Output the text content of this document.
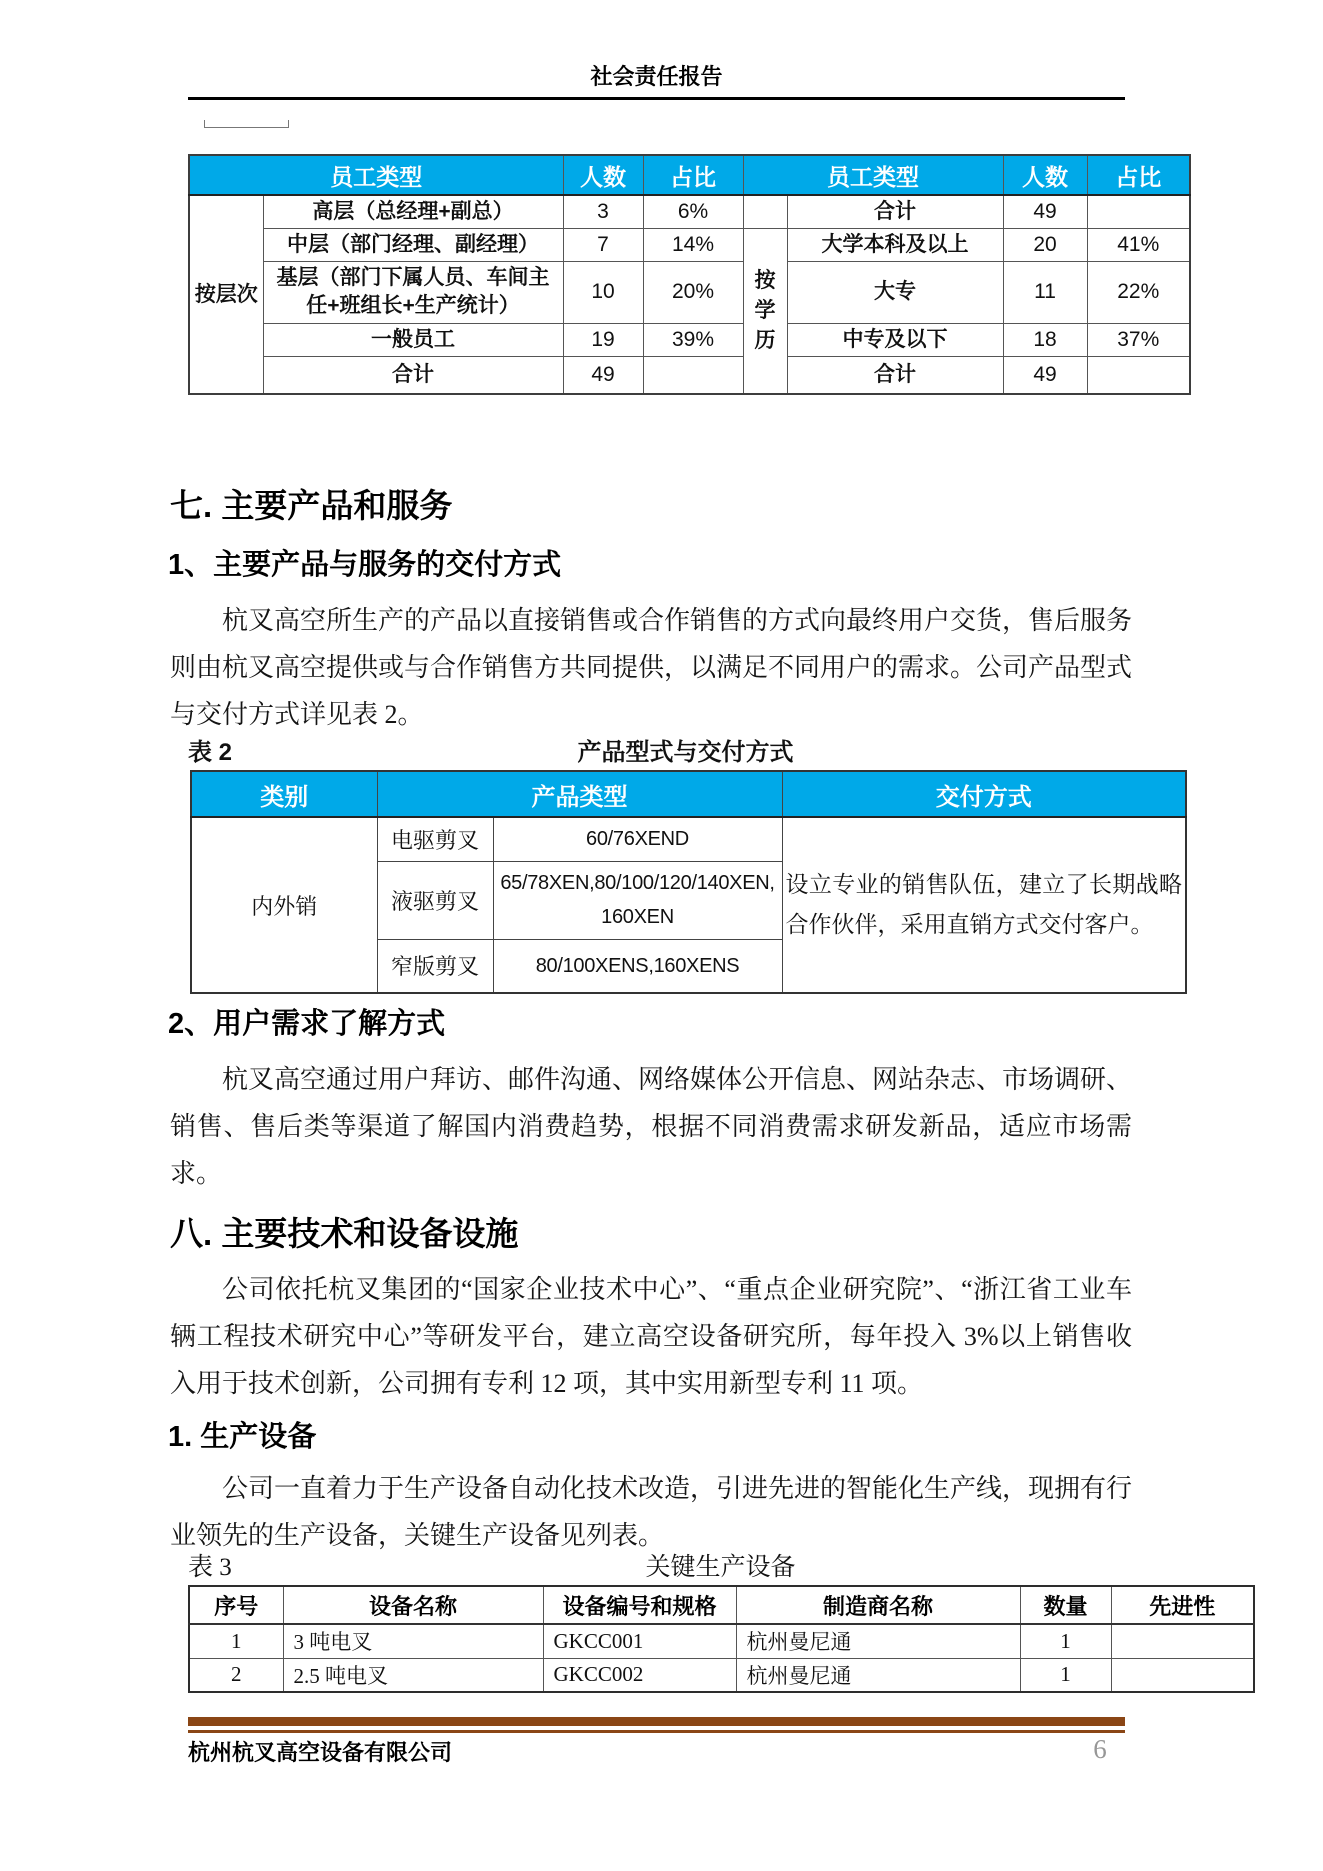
社会责任报告
员工类型		人数	占比	员工类型		人数	占比
按层次	高层（总经理+副总）	3	6%		合计	49	
	中层（部门经理、副经理）	7	14%	按学历	大学本科及以上	20	41%
	基层（部门下属人员、车间主任+班组长+生产统计）	10	20%		大专	11	22%
	一般员工	19	39%		中专及以下	18	37%
	合计	49			合计	49	
七. 主要产品和服务
1、主要产品与服务的交付方式
杭叉高空所生产的产品以直接销售或合作销售的方式向最终用户交货，售后服务则由杭叉高空提供或与合作销售方共同提供，以满足不同用户的需求。公司产品型式与交付方式详见表 2。
表 2	产品型式与交付方式
类别	产品类型		交付方式
内外销	电驱剪叉	60/76XEND	设立专业的销售队伍，建立了长期战略合作伙伴，采用直销方式交付客户。
	液驱剪叉	65/78XEN,80/100/120/140XEN,160XEN	
	窄版剪叉	80/100XENS,160XENS	
2、用户需求了解方式
杭叉高空通过用户拜访、邮件沟通、网络媒体公开信息、网站杂志、市场调研、销售、售后类等渠道了解国内消费趋势，根据不同消费需求研发新品，适应市场需求。
八. 主要技术和设备设施
公司依托杭叉集团的“国家企业技术中心”、“重点企业研究院”、“浙江省工业车辆工程技术研究中心”等研发平台，建立高空设备研究所，每年投入 3%以上销售收入用于技术创新，公司拥有专利 12 项，其中实用新型专利 11 项。
1. 生产设备
公司一直着力于生产设备自动化技术改造，引进先进的智能化生产线，现拥有行业领先的生产设备，关键生产设备见列表。
表 3	关键生产设备
序号	设备名称	设备编号和规格	制造商名称	数量	先进性
1	3 吨电叉	GKCC001	杭州曼尼通	1	
2	2.5 吨电叉	GKCC002	杭州曼尼通	1	
杭州杭叉高空设备有限公司	6
